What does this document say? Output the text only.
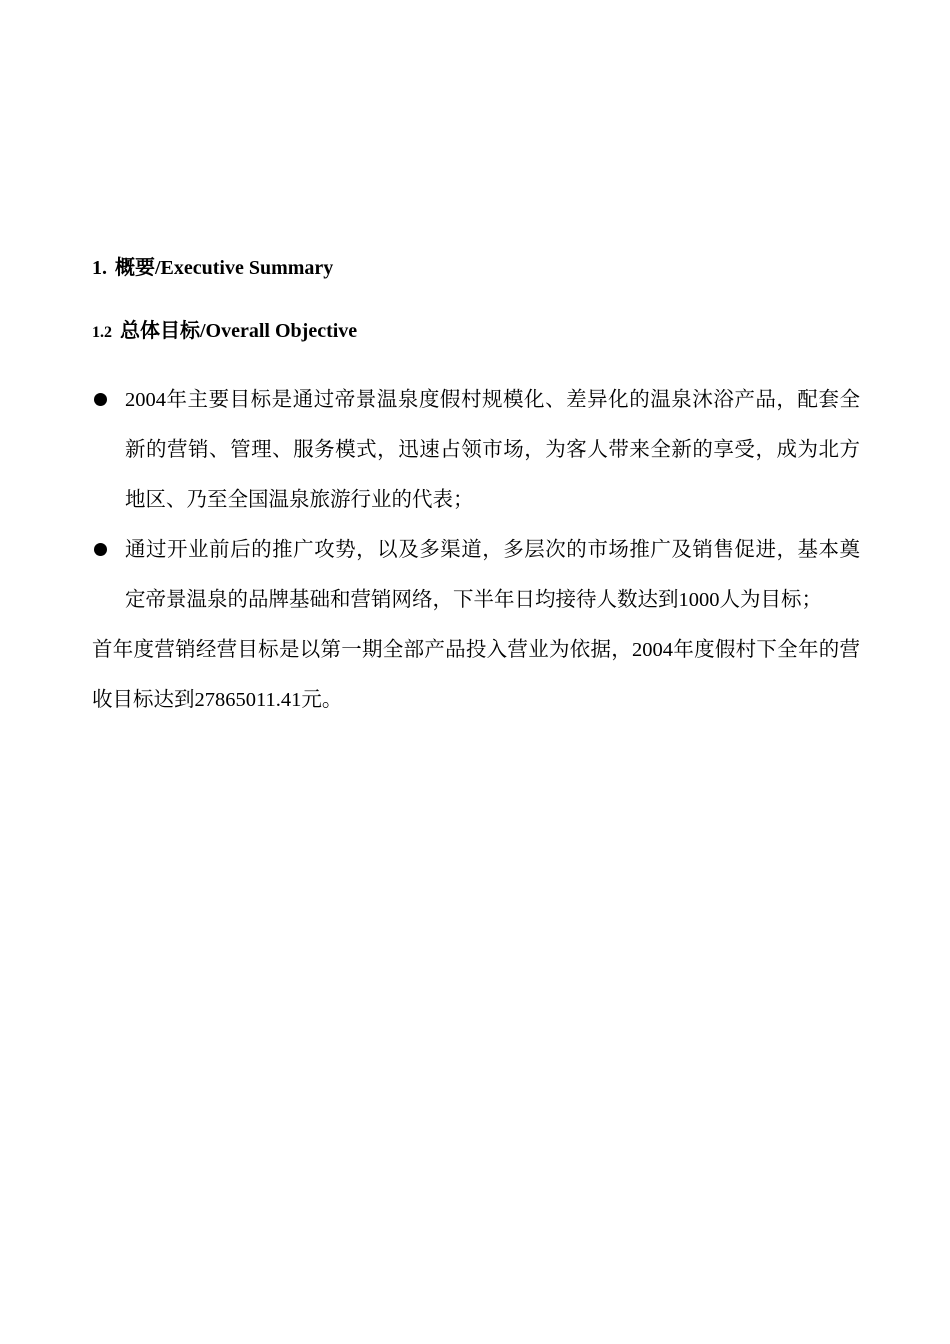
1. 概要/Executive Summary
1.2 总体目标/Overall Objective
2004年主要目标是通过帝景温泉度假村规模化、差异化的温泉沐浴产品，配套全新的营销、管理、服务模式，迅速占领市场，为客人带来全新的享受，成为北方地区、乃至全国温泉旅游行业的代表；
通过开业前后的推广攻势，以及多渠道，多层次的市场推广及销售促进，基本奠定帝景温泉的品牌基础和营销网络，下半年日均接待人数达到1000人为目标；

首年度营销经营目标是以第一期全部产品投入营业为依据，2004年度假村下全年的营收目标达到27865011.41元。
